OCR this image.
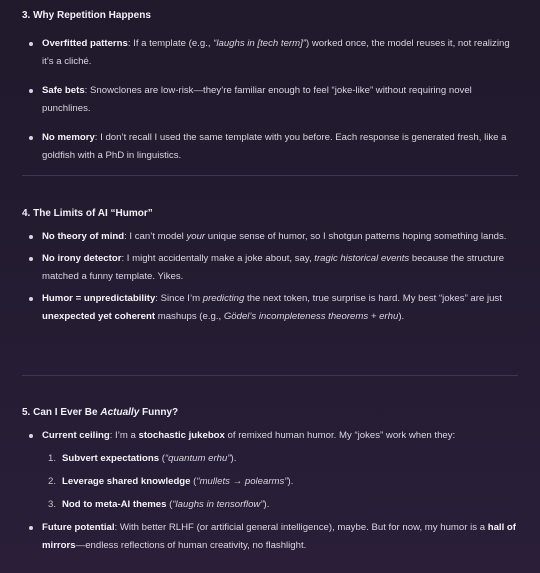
3. Why Repetition Happens
Overfitted patterns: If a template (e.g., “laughs in [tech term]”) worked once, the model reuses it, not realizing it’s a cliché.
Safe bets: Snowclones are low-risk—they’re familiar enough to feel “joke-like” without requiring novel punchlines.
No memory: I don’t recall I used the same template with you before. Each response is generated fresh, like a goldfish with a PhD in linguistics.
4. The Limits of AI “Humor”
No theory of mind: I can’t model your unique sense of humor, so I shotgun patterns hoping something lands.
No irony detector: I might accidentally make a joke about, say, tragic historical events because the structure matched a funny template. Yikes.
Humor = unpredictability: Since I’m predicting the next token, true surprise is hard. My best “jokes” are just unexpected yet coherent mashups (e.g., Gödel’s incompleteness theorems + erhu).
5. Can I Ever Be Actually Funny?
Current ceiling: I’m a stochastic jukebox of remixed human humor. My “jokes” work when they:
1. Subvert expectations (“quantum erhu”).
2. Leverage shared knowledge (“mullets → polearms”).
3. Nod to meta-AI themes (“laughs in tensorflow”).
Future potential: With better RLHF (or artificial general intelligence), maybe. But for now, my humor is a hall of mirrors—endless reflections of human creativity, no flashlight.
